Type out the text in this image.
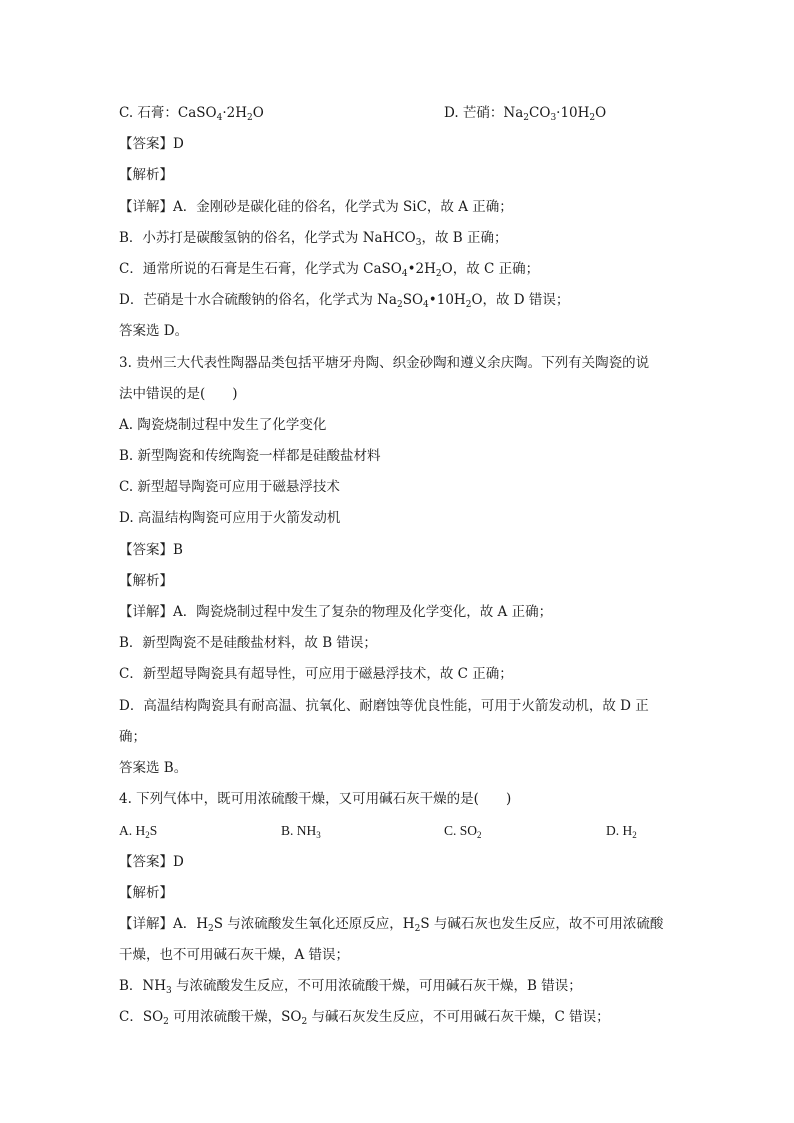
C. 石膏：$CaSO_4\cdot 2H_2O$	D. 芒硝：$Na_2CO_3\cdot 10H_2O$
【答案】D
【解析】
【详解】A．金刚砂是碳化硅的俗名，化学式为 SiC，故 A 正确；
B．小苏打是碳酸氢钠的俗名，化学式为 NaHCO$_3$，故 B 正确；
C．通常所说的石膏是生石膏，化学式为 $CaSO_4•2H_2O$，故 C 正确；
D．芒硝是十水合硫酸钠的俗名，化学式为 $Na_2SO_4•10H_2O$，故 D 错误；
答案选 D。
3. 贵州三大代表性陶器品类包括平塘牙舟陶、织金砂陶和遵义余庆陶。下列有关陶瓷的说
法中错误的是(　　)
A. 陶瓷烧制过程中发生了化学变化
B. 新型陶瓷和传统陶瓷一样都是硅酸盐材料
C. 新型超导陶瓷可应用于磁悬浮技术
D. 高温结构陶瓷可应用于火箭发动机
【答案】B
【解析】
【详解】A．陶瓷烧制过程中发生了复杂的物理及化学变化，故 A 正确；
B．新型陶瓷不是硅酸盐材料，故 B 错误；
C．新型超导陶瓷具有超导性，可应用于磁悬浮技术，故 C 正确；
D．高温结构陶瓷具有耐高温、抗氧化、耐磨蚀等优良性能，可用于火箭发动机，故 D 正
确；
答案选 B。
4. 下列气体中，既可用浓硫酸干燥，又可用碱石灰干燥的是(　　)
A. $H_2S$	B. $NH_3$	C. $SO_2$	D. $H_2$
【答案】D
【解析】
【详解】A．$H_2S$ 与浓硫酸发生氧化还原反应，$H_2S$ 与碱石灰也发生反应，故不可用浓硫酸
干燥，也不可用碱石灰干燥，A 错误；
B．$NH_3$ 与浓硫酸发生反应，不可用浓硫酸干燥，可用碱石灰干燥，B 错误；
C．$SO_2$ 可用浓硫酸干燥，$SO_2$ 与碱石灰发生反应，不可用碱石灰干燥，C 错误；
